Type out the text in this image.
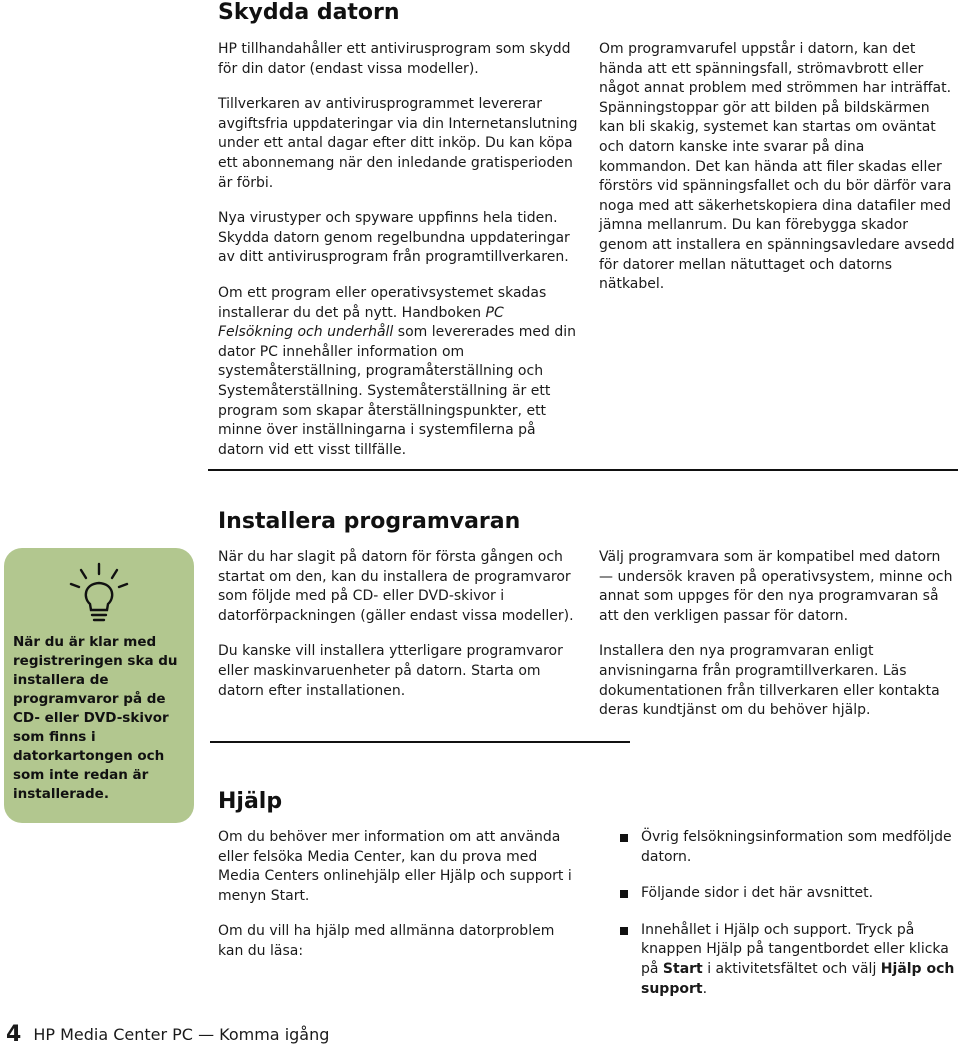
Skydda datorn

HP tillhandahåller ett antivirusprogram som skydd för din dator (endast vissa modeller).

Tillverkaren av antivirusprogrammet levererar avgiftsfria uppdateringar via din Internetanslutning under ett antal dagar efter ditt inköp. Du kan köpa ett abonnemang när den inledande gratisperioden är förbi.

Nya virustyper och spyware uppfinns hela tiden. Skydda datorn genom regelbundna uppdateringar av ditt antivirusprogram från programtillverkaren.

Om ett program eller operativsystemet skadas installerar du det på nytt. Handboken PC Felsökning och underhåll som levererades med din dator PC innehåller information om systemåterställning, programåterställning och Systemåterställning. Systemåterställning är ett program som skapar återställningspunkter, ett minne över inställningarna i systemfilerna på datorn vid ett visst tillfälle.

Om programvarufel uppstår i datorn, kan det hända att ett spänningsfall, strömavbrott eller något annat problem med strömmen har inträffat. Spänningstoppar gör att bilden på bildskärmen kan bli skakig, systemet kan startas om oväntat och datorn kanske inte svarar på dina kommandon. Det kan hända att filer skadas eller förstörs vid spänningsfallet och du bör därför vara noga med att säkerhetskopiera dina datafiler med jämna mellanrum. Du kan förebygga skador genom att installera en spänningsavledare avsedd för datorer mellan nätuttaget och datorns nätkabel.

Installera programvaran

När du har slagit på datorn för första gången och startat om den, kan du installera de programvaror som följde med på CD- eller DVD-skivor i datorförpackningen (gäller endast vissa modeller).

Du kanske vill installera ytterligare programvaror eller maskinvaruenheter på datorn. Starta om datorn efter installationen.

Välj programvara som är kompatibel med datorn — undersök kraven på operativsystem, minne och annat som uppges för den nya programvaran så att den verkligen passar för datorn.

Installera den nya programvaran enligt anvisningarna från programtillverkaren. Läs dokumentationen från tillverkaren eller kontakta deras kundtjänst om du behöver hjälp.

När du är klar med registreringen ska du installera de programvaror på de CD- eller DVD-skivor som finns i datorkartongen och som inte redan är installerade.	Hjälp

Om du behöver mer information om att använda eller felsöka Media Center, kan du prova med Media Centers onlinehjälp eller Hjälp och support i menyn Start.

Om du vill ha hjälp med allmänna datorproblem kan du läsa:

Övrig felsökningsinformation som medföljde datorn.
Följande sidor i det här avsnittet.
Innehållet i Hjälp och support. Tryck på knappen Hjälp på tangentbordet eller klicka på Start i aktivitetsfältet och välj Hjälp och support.
4 HP Media Center PC — Komma igång
